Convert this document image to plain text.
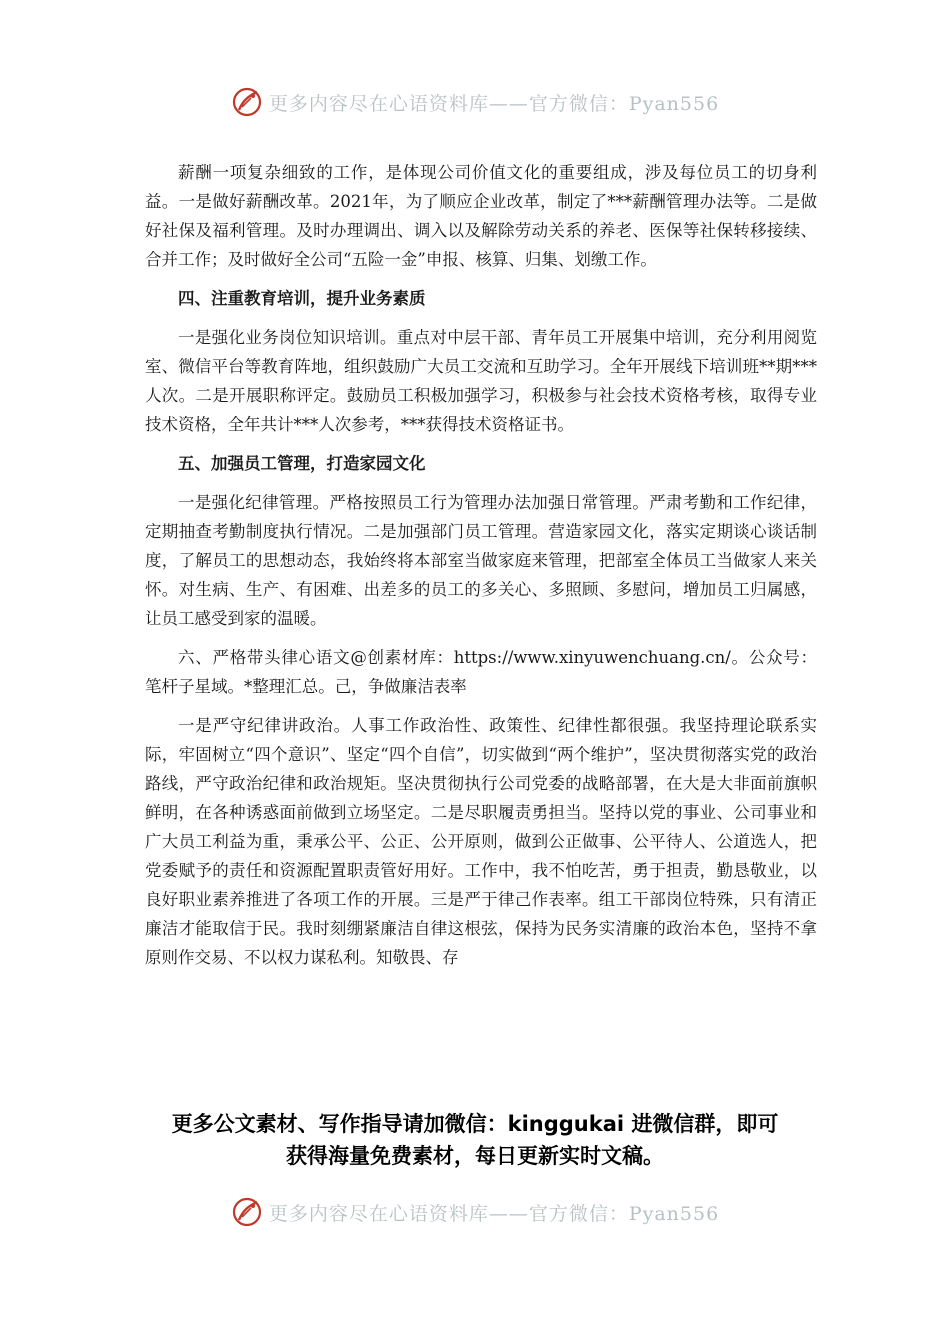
更多内容尽在心语资料库——官方微信：Pyan556

薪酬一项复杂细致的工作，是体现公司价值文化的重要组成，涉及每位员工的切身利益。一是做好薪酬改革。2021年，为了顺应企业改革，制定了***薪酬管理办法等。二是做好社保及福利管理。及时办理调出、调入以及解除劳动关系的养老、医保等社保转移接续、合并工作；及时做好全公司“五险一金”申报、核算、归集、划缴工作。

四、注重教育培训，提升业务素质

一是强化业务岗位知识培训。重点对中层干部、青年员工开展集中培训，充分利用阅览室、微信平台等教育阵地，组织鼓励广大员工交流和互助学习。全年开展线下培训班**期***人次。二是开展职称评定。鼓励员工积极加强学习，积极参与社会技术资格考核，取得专业技术资格，全年共计***人次参考，***获得技术资格证书。

五、加强员工管理，打造家园文化

一是强化纪律管理。严格按照员工行为管理办法加强日常管理。严肃考勤和工作纪律，定期抽查考勤制度执行情况。二是加强部门员工管理。营造家园文化，落实定期谈心谈话制度，了解员工的思想动态，我始终将本部室当做家庭来管理，把部室全体员工当做家人来关怀。对生病、生产、有困难、出差多的员工的多关心、多照顾、多慰问，增加员工归属感，让员工感受到家的温暖。

六、严格带头律心语文@创素材库：https://www.xinyuwenchuang.cn/。公众号：笔杆子星域。*整理汇总。己，争做廉洁表率

一是严守纪律讲政治。人事工作政治性、政策性、纪律性都很强。我坚持理论联系实际，牢固树立“四个意识”、坚定“四个自信”，切实做到“两个维护”，坚决贯彻落实党的政治路线，严守政治纪律和政治规矩。坚决贯彻执行公司党委的战略部署，在大是大非面前旗帜鲜明，在各种诱惑面前做到立场坚定。二是尽职履责勇担当。坚持以党的事业、公司事业和广大员工利益为重，秉承公平、公正、公开原则，做到公正做事、公平待人、公道选人，把党委赋予的责任和资源配置职责管好用好。工作中，我不怕吃苦，勇于担责，勤恳敬业，以良好职业素养推进了各项工作的开展。三是严于律己作表率。组工干部岗位特殊，只有清正廉洁才能取信于民。我时刻绷紧廉洁自律这根弦，保持为民务实清廉的政治本色，坚持不拿原则作交易、不以权力谋私利。知敬畏、存

更多公文素材、写作指导请加微信：kinggukai 进微信群，即可
获得海量免费素材，每日更新实时文稿。
更多内容尽在心语资料库——官方微信：Pyan556
